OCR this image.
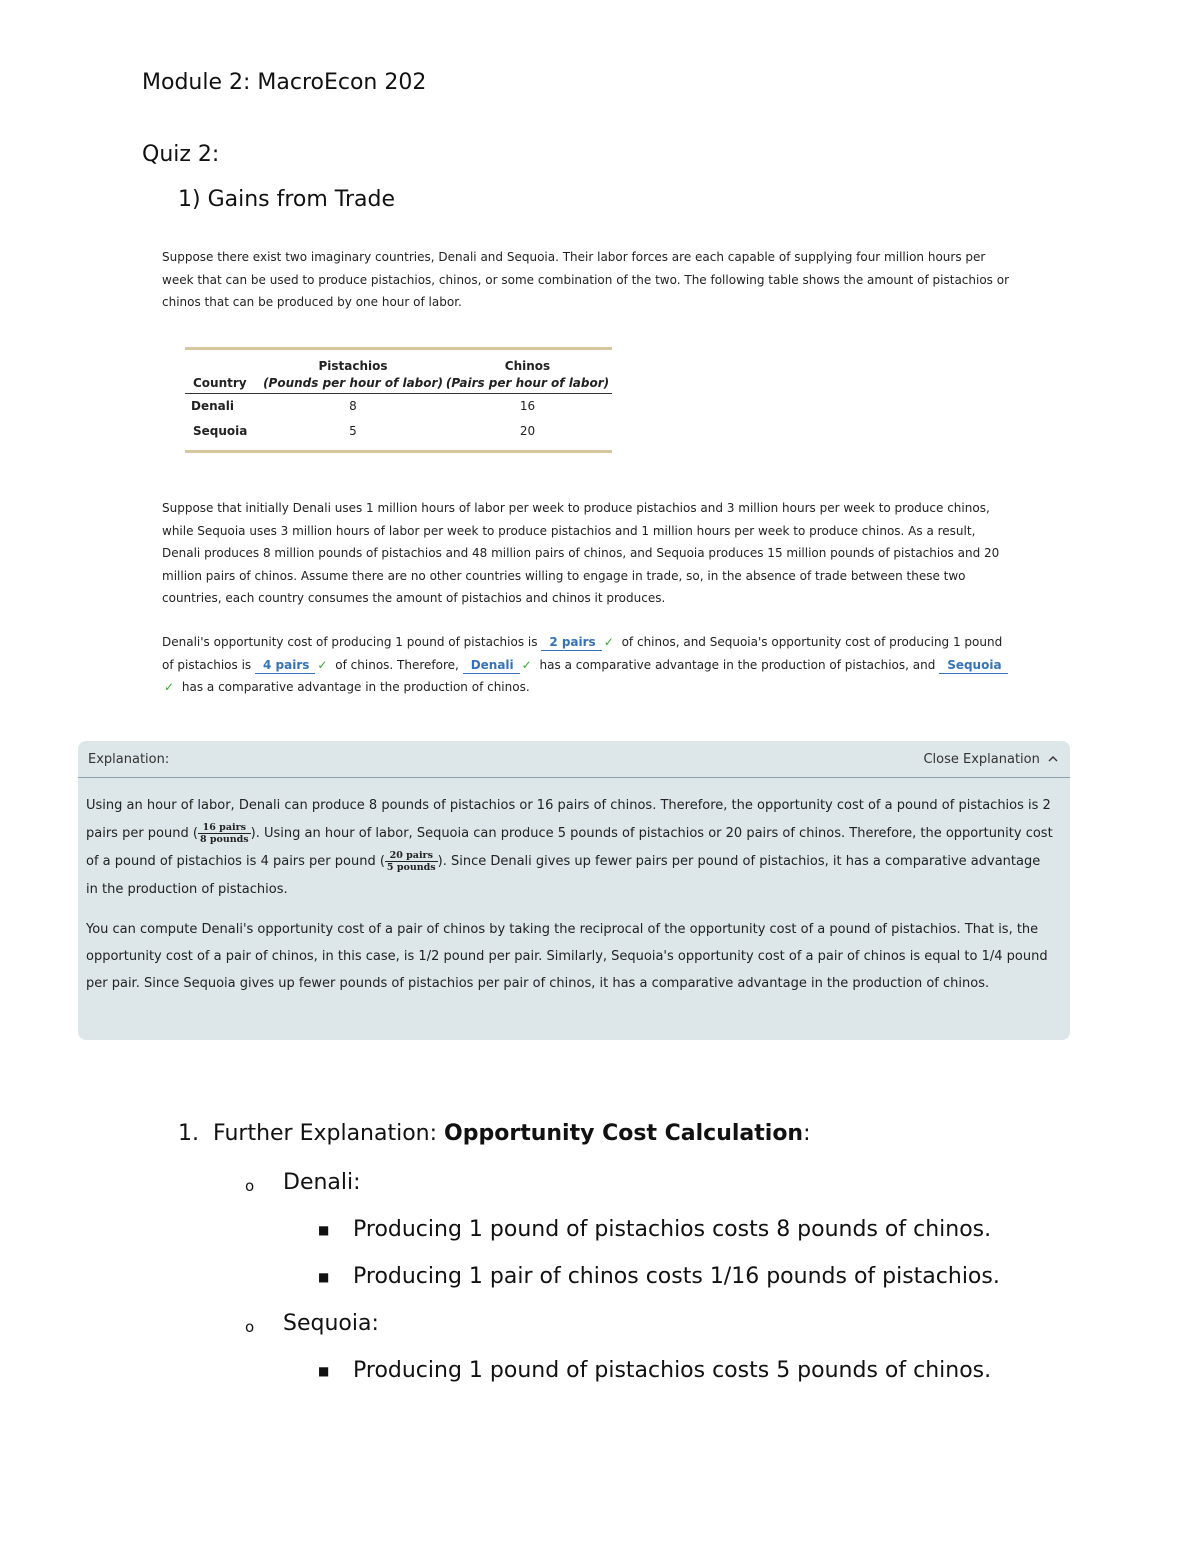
Module 2: MacroEcon 202
Quiz 2:
1) Gains from Trade
Suppose there exist two imaginary countries, Denali and Sequoia. Their labor forces are each capable of supplying four million hours per week that can be used to produce pistachios, chinos, or some combination of the two. The following table shows the amount of pistachios or chinos that can be produced by one hour of labor.
	Pistachios	Chinos
Country	(Pounds per hour of labor)	(Pairs per hour of labor)
Denali	8	16
Sequoia	5	20
Suppose that initially Denali uses 1 million hours of labor per week to produce pistachios and 3 million hours per week to produce chinos, while Sequoia uses 3 million hours of labor per week to produce pistachios and 1 million hours per week to produce chinos. As a result, Denali produces 8 million pounds of pistachios and 48 million pairs of chinos, and Sequoia produces 15 million pounds of pistachios and 20 million pairs of chinos. Assume there are no other countries willing to engage in trade, so, in the absence of trade between these two countries, each country consumes the amount of pistachios and chinos it produces.
Denali's opportunity cost of producing 1 pound of pistachios is 2 pairs ✓ of chinos, and Sequoia's opportunity cost of producing 1 pound of pistachios is 4 pairs ✓ of chinos. Therefore, Denali ✓ has a comparative advantage in the production of pistachios, and Sequoia✓ has a comparative advantage in the production of chinos.
Explanation:	Close Explanation

Using an hour of labor, Denali can produce 8 pounds of pistachios or 16 pairs of chinos. Therefore, the opportunity cost of a pound of pistachios is 2 pairs per pound ( $\frac{\text{16 pairs}}{\text{8 pounds}}$ ). Using an hour of labor, Sequoia can produce 5 pounds of pistachios or 20 pairs of chinos. Therefore, the opportunity cost of a pound of pistachios is 4 pairs per pound ( $\frac{\text{20 pairs}}{\text{5 pounds}}$ ). Since Denali gives up fewer pairs per pound of pistachios, it has a comparative advantage in the production of pistachios.

You can compute Denali's opportunity cost of a pair of chinos by taking the reciprocal of the opportunity cost of a pound of pistachios. That is, the opportunity cost of a pair of chinos, in this case, is 1/2 pound per pair. Similarly, Sequoia's opportunity cost of a pair of chinos is equal to 1/4 pound per pair. Since Sequoia gives up fewer pounds of pistachios per pair of chinos, it has a comparative advantage in the production of chinos.

1. Further Explanation: Opportunity Cost Calculation:
o Denali:
■ Producing 1 pound of pistachios costs 8 pounds of chinos.
■ Producing 1 pair of chinos costs 1/16 pounds of pistachios.
o Sequoia:
■ Producing 1 pound of pistachios costs 5 pounds of chinos.
